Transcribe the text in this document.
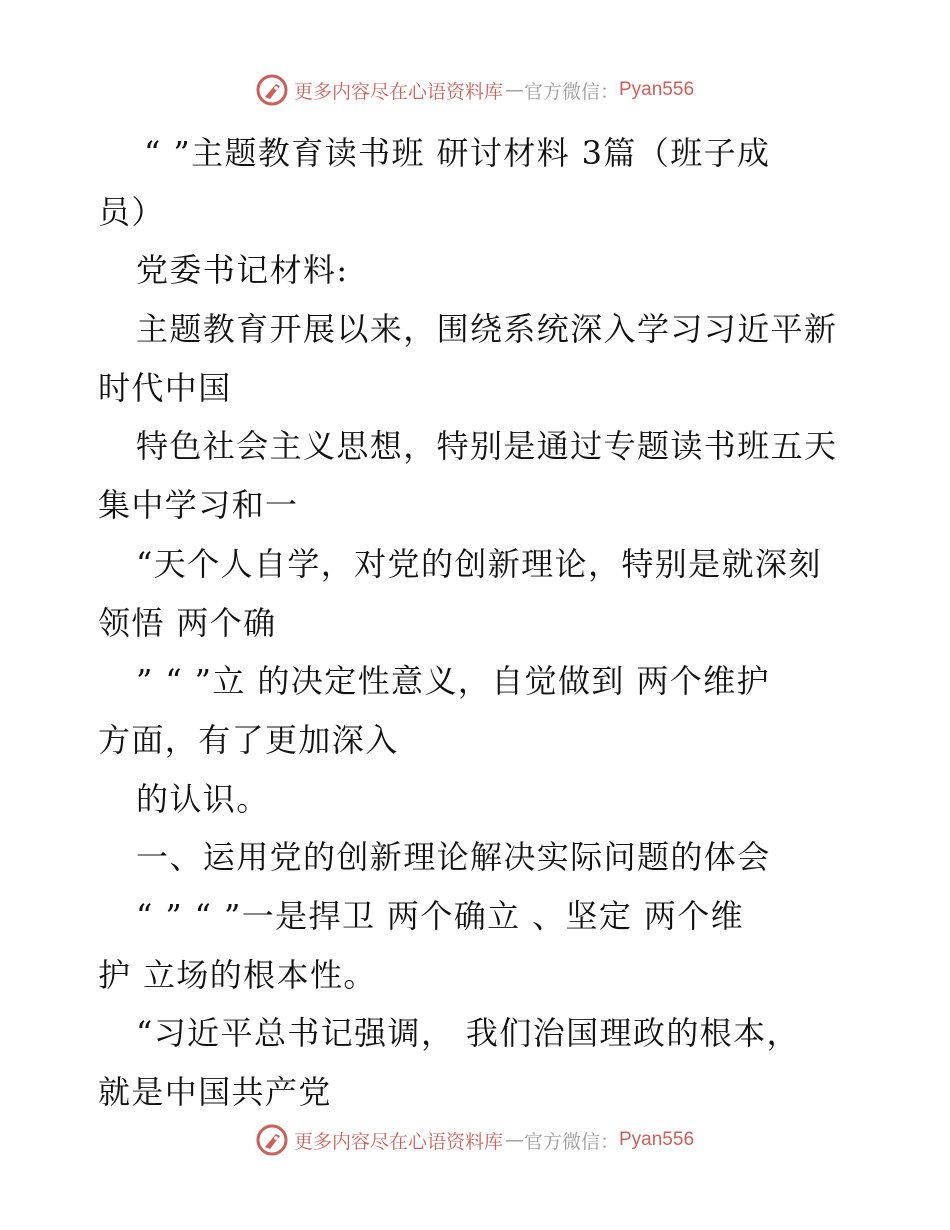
更多内容尽在心语资料库 — 官方微信： Pyan556
“ ”主题教育读书班 研讨材料 3篇（班子成
员）
党委书记材料:
主题教育开展以来，围绕系统深入学习习近平新
时代中国
特色社会主义思想，特别是通过专题读书班五天
集中学习和一
“天个人自学，对党的创新理论，特别是就深刻
领悟 两个确
” “ ”立 的决定性意义，自觉做到 两个维护
方面，有了更加深入
的认识。
一、运用党的创新理论解决实际问题的体会
“ ” “ ”一是捍卫 两个确立 、坚定 两个维
护 立场的根本性。
“习近平总书记强调， 我们治国理政的根本，
就是中国共产党
更多内容尽在心语资料库 — 官方微信： Pyan556
